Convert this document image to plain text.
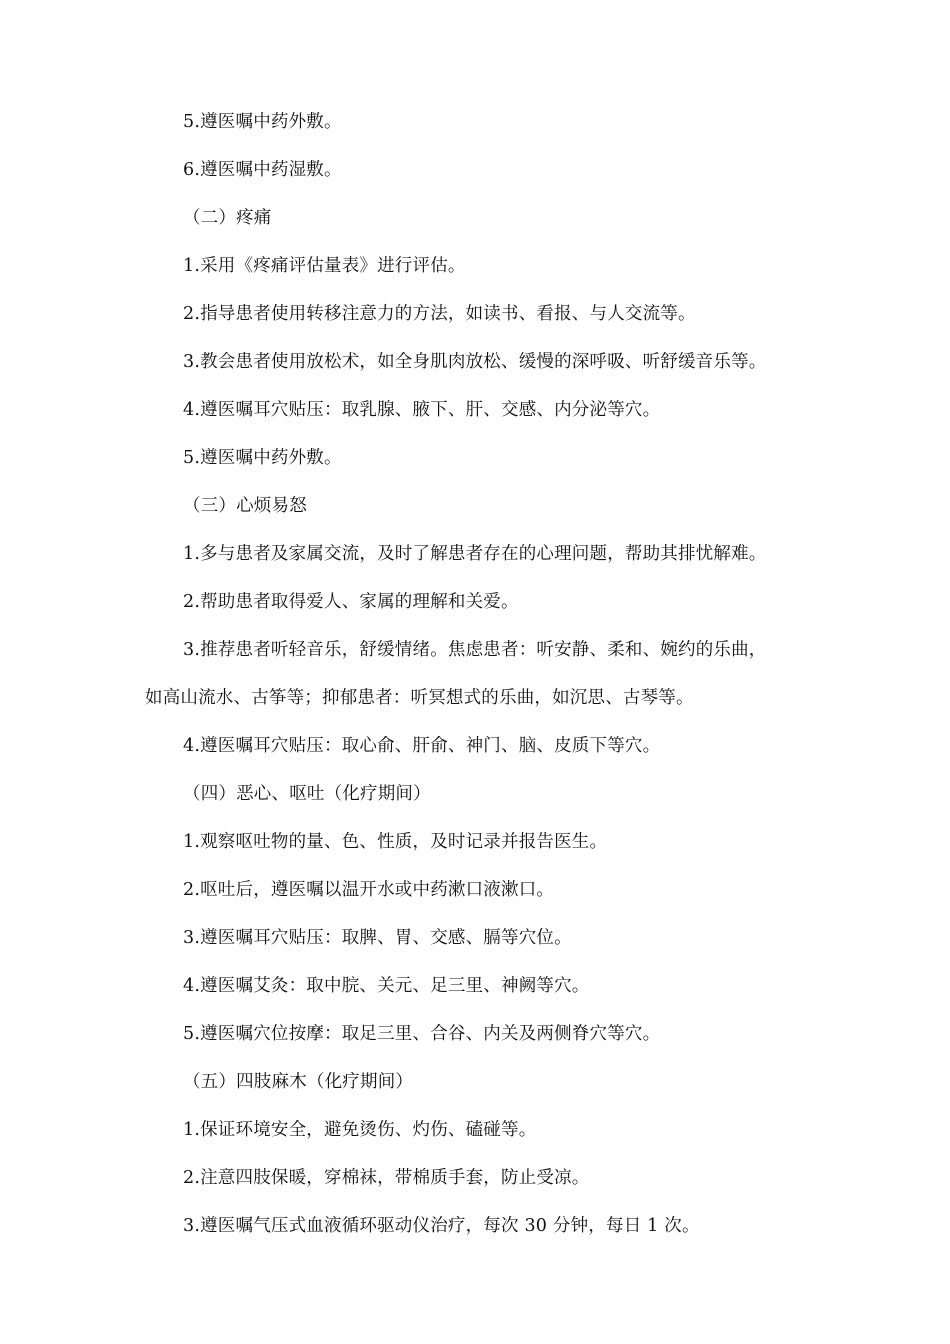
5.遵医嘱中药外敷。
6.遵医嘱中药湿敷。
（二）疼痛
1.采用《疼痛评估量表》进行评估。
2.指导患者使用转移注意力的方法，如读书、看报、与人交流等。
3.教会患者使用放松术，如全身肌肉放松、缓慢的深呼吸、听舒缓音乐等。
4.遵医嘱耳穴贴压：取乳腺、腋下、肝、交感、内分泌等穴。
5.遵医嘱中药外敷。
（三）心烦易怒
1.多与患者及家属交流，及时了解患者存在的心理问题，帮助其排忧解难。
2.帮助患者取得爱人、家属的理解和关爱。
3.推荐患者听轻音乐，舒缓情绪。焦虑患者：听安静、柔和、婉约的乐曲，
如高山流水、古筝等；抑郁患者：听冥想式的乐曲，如沉思、古琴等。
4.遵医嘱耳穴贴压：取心俞、肝俞、神门、脑、皮质下等穴。
（四）恶心、呕吐（化疗期间）
1.观察呕吐物的量、色、性质，及时记录并报告医生。
2.呕吐后，遵医嘱以温开水或中药漱口液漱口。
3.遵医嘱耳穴贴压：取脾、胃、交感、膈等穴位。
4.遵医嘱艾灸：取中脘、关元、足三里、神阙等穴。
5.遵医嘱穴位按摩：取足三里、合谷、内关及两侧脊穴等穴。
（五）四肢麻木（化疗期间）
1.保证环境安全，避免烫伤、灼伤、磕碰等。
2.注意四肢保暖，穿棉袜，带棉质手套，防止受凉。
3.遵医嘱气压式血液循环驱动仪治疗，每次 30 分钟，每日 1 次。
